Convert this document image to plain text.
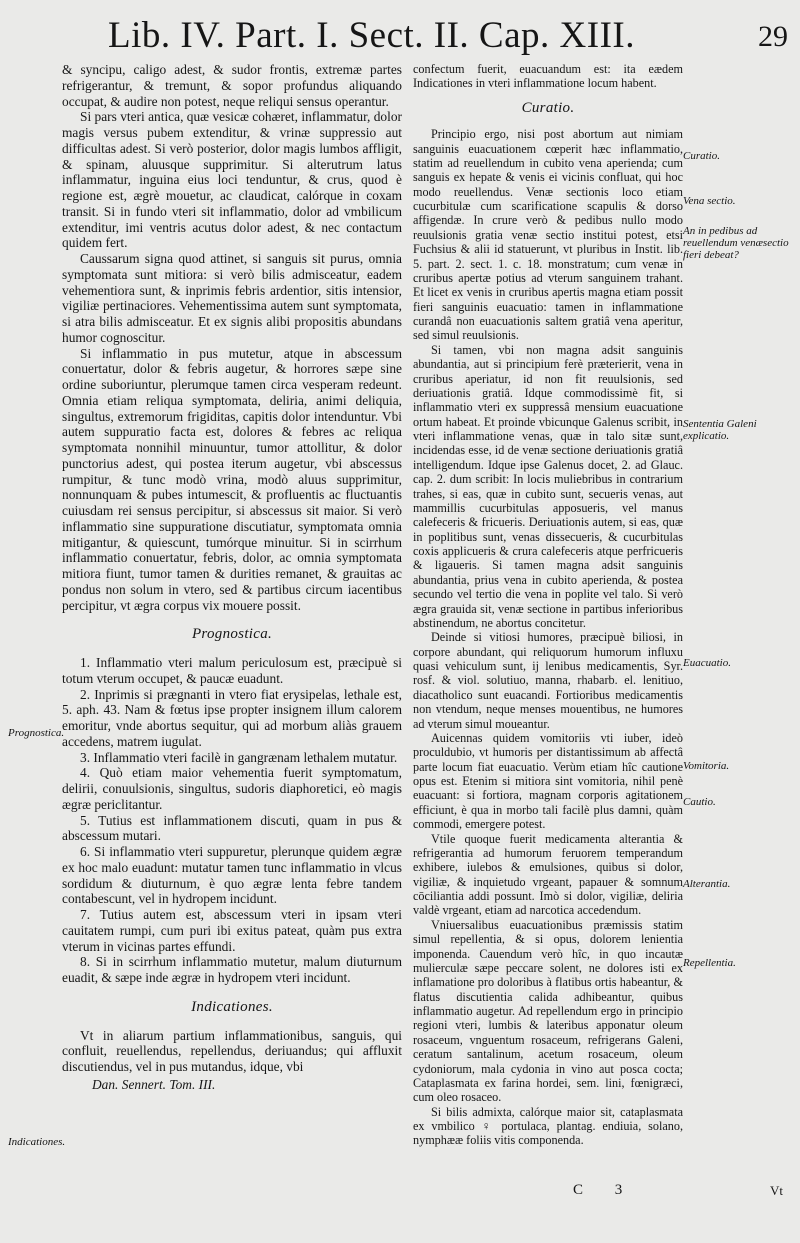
Lib. IV. Part. I. Sect. II. Cap. XIII.	29

& syncipu, caligo adest, & sudor frontis, extremæ partes refrigerantur, & tremunt, & sopor profundus aliquando occupat, & audire non potest, neque reliqui sensus operantur.

Si pars vteri antica, quæ vesicæ cohæret, inflammatur, dolor magis versus pubem extenditur, & vrinæ suppressio aut difficultas adest. Si verò posterior, dolor magis lumbos affligit, & spinam, aluusque supprimitur. Si alterutrum latus inflammatur, inguina eius loci tenduntur, & crus, quod è regione est, ægrè mouetur, ac claudicat, calórque in coxam transit. Si in fundo vteri sit inflammatio, dolor ad vmbilicum extenditur, imi ventris acutus dolor adest, & nec contactum quidem fert.

Caussarum signa quod attinet, si sanguis sit purus, omnia symptomata sunt mitiora: si verò bilis admisceatur, eadem vehementiora sunt, & inprimis febris ardentior, sitis intensior, vigiliæ pertinaciores. Vehementissima autem sunt symptomata, si atra bilis admisceatur. Et ex signis alibi propositis abundans humor cognoscitur.

Si inflammatio in pus mutetur, atque in abscessum conuertatur, dolor & febris augetur, & horrores sæpe sine ordine suboriuntur, plerumque tamen circa vesperam redeunt. Omnia etiam reliqua symptomata, deliria, animi deliquia, singultus, extremorum frigiditas, capitis dolor intenduntur. Vbi autem suppuratio facta est, dolores & febres ac reliqua symptomata nonnihil minuuntur, tumor attollitur, & dolor punctorius adest, qui postea iterum augetur, vbi abscessus rumpitur, & tunc modò vrina, modò aluus supprimitur, nonnunquam & pubes intumescit, & profluentis ac fluctuantis cuiusdam rei sensus percipitur, si abscessus sit maior. Si verò inflammatio sine suppuratione discutiatur, symptomata omnia mitigantur, & quiescunt, tumórque minuitur. Si in scirrhum inflammatio conuertatur, febris, dolor, ac omnia symptomata mitiora fiunt, tumor tamen & durities remanet, & grauitas ac pondus non solum in vtero, sed & partibus circum iacentibus percipitur, vt ægra corpus vix mouere possit.

Prognostica.

1. Inflammatio vteri malum periculosum est, præcipuè si totum vterum occupet, & paucæ euadunt.

2. Inprimis si prægnanti in vtero fiat erysipelas, lethale est, 5. aph. 43. Nam & fœtus ipse propter insignem illum calorem emoritur, vnde abortus sequitur, qui ad morbum aliàs grauem accedens, matrem iugulat.

3. Inflammatio vteri facilè in gangrænam lethalem mutatur.

4. Quò etiam maior vehementia fuerit symptomatum, delirii, conuulsionis, singultus, sudoris diaphoretici, eò magis ægræ periclitantur.

5. Tutius est inflammationem discuti, quam in pus & abscessum mutari.

6. Si inflammatio vteri suppuretur, plerunque quidem ægræ ex hoc malo euadunt: mutatur tamen tunc inflammatio in vlcus sordidum & diuturnum, è quo ægræ lenta febre tandem contabescunt, vel in hydropem incidunt.

7. Tutius autem est, abscessum vteri in ipsam vteri cauitatem rumpi, cum puri ibi exitus pateat, quàm pus extra vterum in vicinas partes effundi.

8. Si in scirrhum inflammatio mutetur, malum diuturnum euadit, & sæpe inde ægræ in hydropem vteri incidunt.

Indicationes.

Vt in aliarum partium inflammationibus, sanguis, qui confluit, reuellendus, repellendus, deriuandus; qui affluxit discutiendus, vel in pus mutandus, idque, vbi

Dan. Sennert. Tom. III.

confectum fuerit, euacuandum est: ita eædem Indicationes in vteri inflammatione locum habent.

Curatio.

Principio ergo, nisi post abortum aut nimiam sanguinis euacuationem cœperit hæc inflammatio, statim ad reuellendum in cubito vena aperienda; cum sanguis ex hepate & venis ei vicinis confluat, qui hoc modo reuellendus. Venæ sectionis loco etiam cucurbitulæ cum scarificatione scapulis & dorso affigendæ. In crure verò & pedibus nullo modo reuulsionis gratia venæ sectio institui potest, etsi Fuchsius & alii id statuerunt, vt pluribus in Instit. lib. 5. part. 2. sect. 1. c. 18. monstratum; cum venæ in cruribus apertæ potius ad vterum sanguinem trahant. Et licet ex venis in cruribus apertis magna etiam possit fieri sanguinis euacuatio: tamen in inflammatione curandâ non euacuationis saltem gratiâ vena aperitur, sed simul reuulsionis.

Si tamen, vbi non magna adsit sanguinis abundantia, aut si principium ferè præterierit, vena in cruribus aperiatur, id non fit reuulsionis, sed deriuationis gratiâ. Idque commodissimè fit, si inflammatio vteri ex suppressâ mensium euacuatione ortum habeat. Et proinde vbicunque Galenus scribit, in vteri inflammatione venas, quæ in talo sitæ sunt, incidendas esse, id de venæ sectione deriuationis gratiâ intelligendum. Idque ipse Galenus docet, 2. ad Glauc. cap. 2. dum scribit: In locis muliebribus in contrarium trahes, si eas, quæ in cubito sunt, secueris venas, aut mammillis cucurbitulas apposueris, vel manus calefeceris & fricueris. Deriuationis autem, si eas, quæ in poplitibus sunt, venas dissecueris, & cucurbitulas coxis applicueris & crura calefeceris atque perfricueris & ligaueris. Si tamen magna adsit sanguinis abundantia, prius vena in cubito aperienda, & postea secundo vel tertio die vena in poplite vel talo. Si verò ægra grauida sit, venæ sectione in partibus inferioribus abstinendum, ne abortus concitetur.

Deinde si vitiosi humores, præcipuè biliosi, in corpore abundant, qui reliquorum humorum influxu quasi vehiculum sunt, ij lenibus medicamentis, Syr. rosf. & viol. solutiuo, manna, rhabarb. el. lenitiuo, diacatholico sunt euacandi. Fortioribus medicamentis non vtendum, neque menses mouentibus, ne humores ad vterum simul moueantur.

Auicennas quidem vomitoriis vti iuber, ideò proculdubio, vt humoris per distantissimum ab affectâ parte locum fiat euacuatio. Verùm etiam hîc cautione opus est. Etenim si mitiora sint vomitoria, nihil penè euacuant: si fortiora, magnam corporis agitationem efficiunt, è qua in morbo tali facilè plus damni, quàm commodi, emergere potest.

Vtile quoque fuerit medicamenta alterantia & refrigerantia ad humorum feruorem temperandum exhibere, iulebos & emulsiones, quibus si dolor, vigiliæ, & inquietudo vrgeant, papauer & somnum cōciliantia addi possunt. Imò si dolor, vigiliæ, deliria valdè vrgeant, etiam ad narcotica accedendum.

Vniuersalibus euacuationibus præmissis statim simul repellentia, & si opus, dolorem lenientia imponenda. Cauendum verò hîc, in quo incautæ mulierculæ sæpe peccare solent, ne dolores isti ex inflamatione pro doloribus à flatibus ortis habeantur, & flatus discutientia calida adhibeantur, quibus inflammatio augetur. Ad repellendum ergo in principio regioni vteri, lumbis & lateribus apponatur oleum rosaceum, vnguentum rosaceum, refrigerans Galeni, ceratum santalinum, acetum rosaceum, oleum cydoniorum, mala cydonia in vino aut posca cocta; Cataplasmata ex farina hordei, sem. lini, fœnigræci, cum oleo rosaceo.

Si bilis admixta, calórque maior sit, cataplasmata ex vmbilico ♀ portulaca, plantag. endiuia, solano, nymphææ foliis vitis componenda.

Prognostica.
Indicationes.
Curatio.
Vena sectio.
An in pedibus ad reuellendum venæsectio fieri debeat?
Sententia Galeni explicatio.
Euacuatio.
Vomitoria.
Cautio.
Alterantia.
Repellentia.
C 3	Vt
